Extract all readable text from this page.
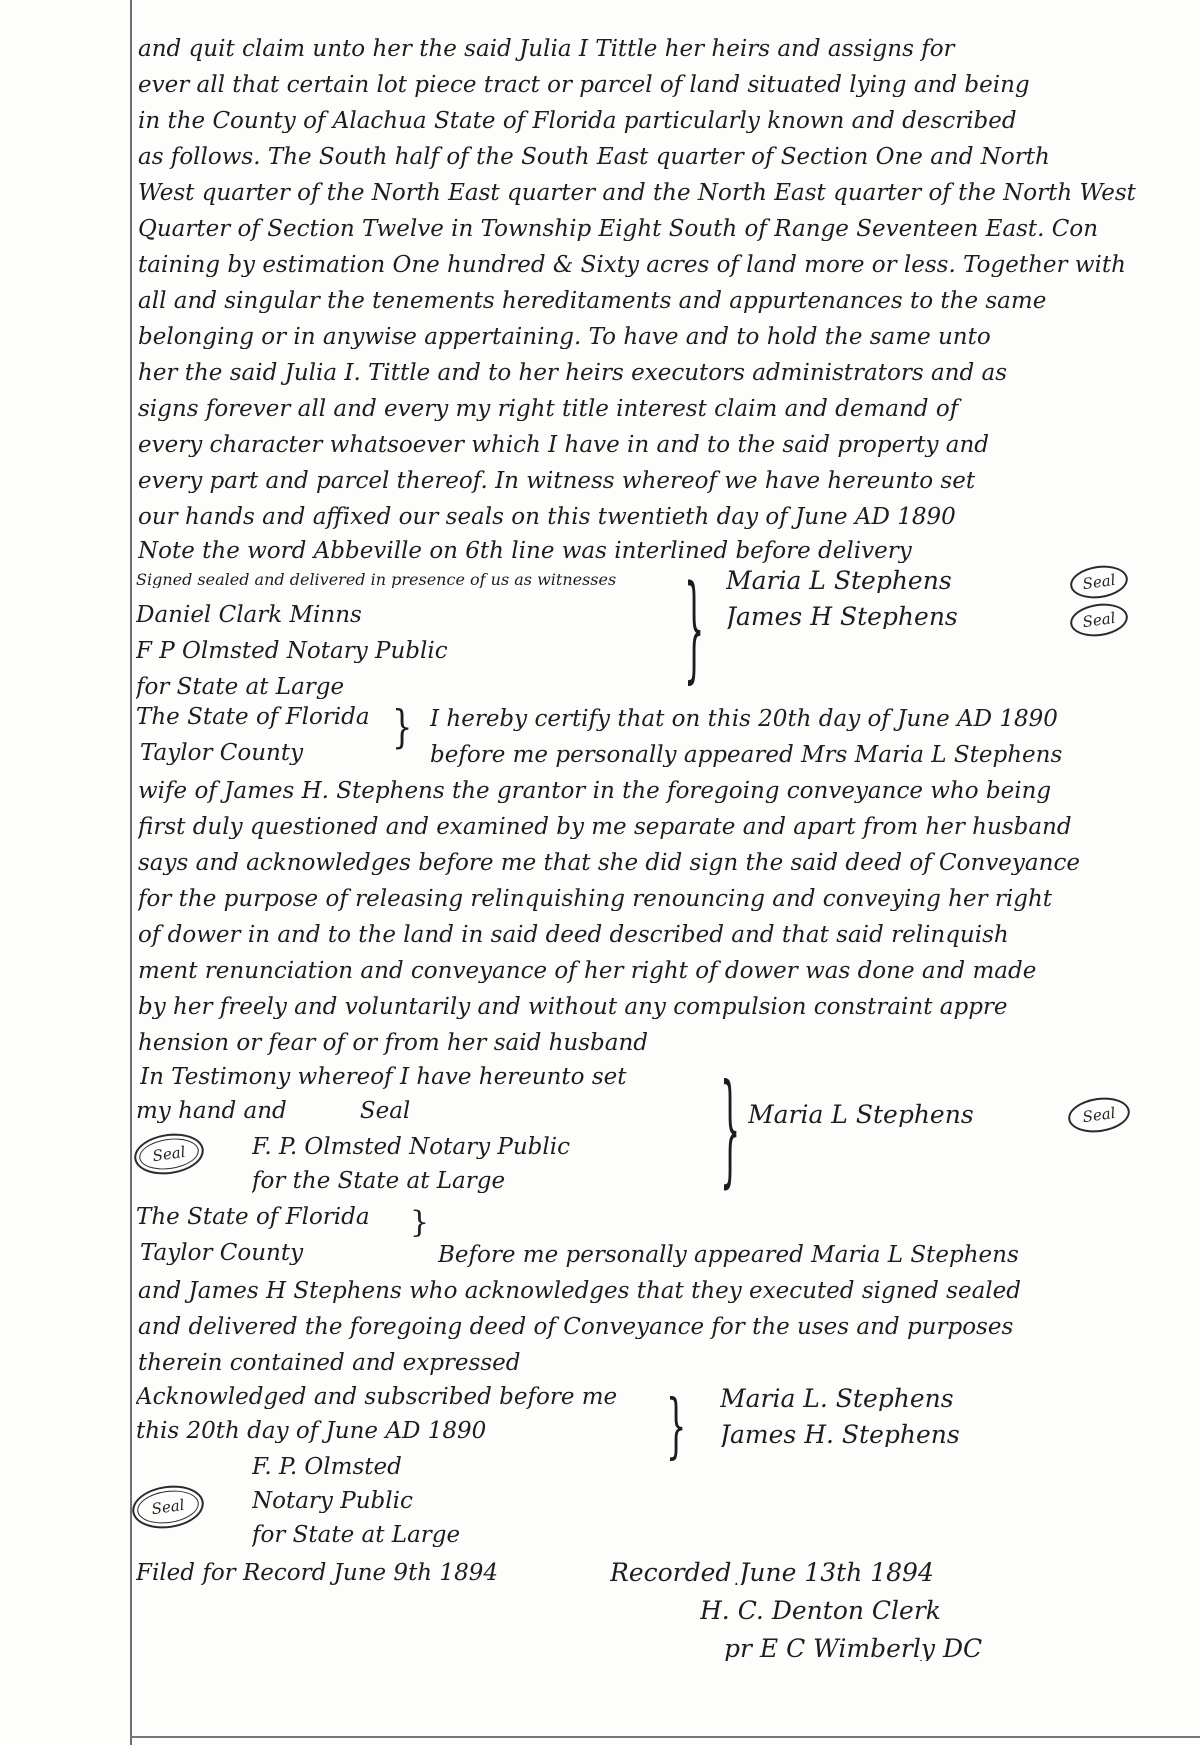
and quit claim unto her the said Julia I Tittle her heirs and assigns for
ever all that certain lot piece tract or parcel of land situated lying and being
in the County of Alachua State of Florida particularly known and described
as follows. The South half of the South East quarter of Section One and North
West quarter of the North East quarter and the North East quarter of the North West
Quarter of Section Twelve in Township Eight South of Range Seventeen East. Con
taining by estimation One hundred & Sixty acres of land more or less. Together with
all and singular the tenements hereditaments and appurtenances to the same
belonging or in anywise appertaining. To have and to hold the same unto
her the said Julia I. Tittle and to her heirs executors administrators and as
signs forever all and every my right title interest claim and demand of
every character whatsoever which I have in and to the said property and
every part and parcel thereof. In witness whereof we have hereunto set
our hands and affixed our seals on this twentieth day of June AD 1890
Note the word Abbeville on 6th line was interlined before delivery
Signed sealed and delivered in presence of us as witnesses
Daniel Clark Minns
F P Olmsted Notary Public
for State at Large	} Maria L Stephens
James H Stephens
Seal
Seal
The State of Florida
Taylor County	} I hereby certify that on this 20th day of June AD 1890
before me personally appeared Mrs Maria L Stephens
wife of James H. Stephens the grantor in the foregoing conveyance who being
first duly questioned and examined by me separate and apart from her husband
says and acknowledges before me that she did sign the said deed of Conveyance
for the purpose of releasing relinquishing renouncing and conveying her right
of dower in and to the land in said deed described and that said relinquish
ment renunciation and conveyance of her right of dower was done and made
by her freely and voluntarily and without any compulsion constraint appre
hension or fear of or from her said husband
In Testimony whereof I have hereunto set
my hand and          Seal	} Maria L Stephens	Seal
Seal	F. P. Olmsted Notary Public
for the State at Large
The State of Florida	}
Taylor County	Before me personally appeared Maria L Stephens
and James H Stephens who acknowledges that they executed signed sealed
and delivered the foregoing deed of Conveyance for the uses and purposes
therein contained and expressed
Acknowledged and subscribed before me
this 20th day of June AD 1890	} Maria L. Stephens
James H. Stephens
F. P. Olmsted
Seal	Notary Public
for State at Large
Filed for Record June 9th 1894	Recorded June 13th 1894
H. C. Denton Clerk
pr E C Wimberly DC
